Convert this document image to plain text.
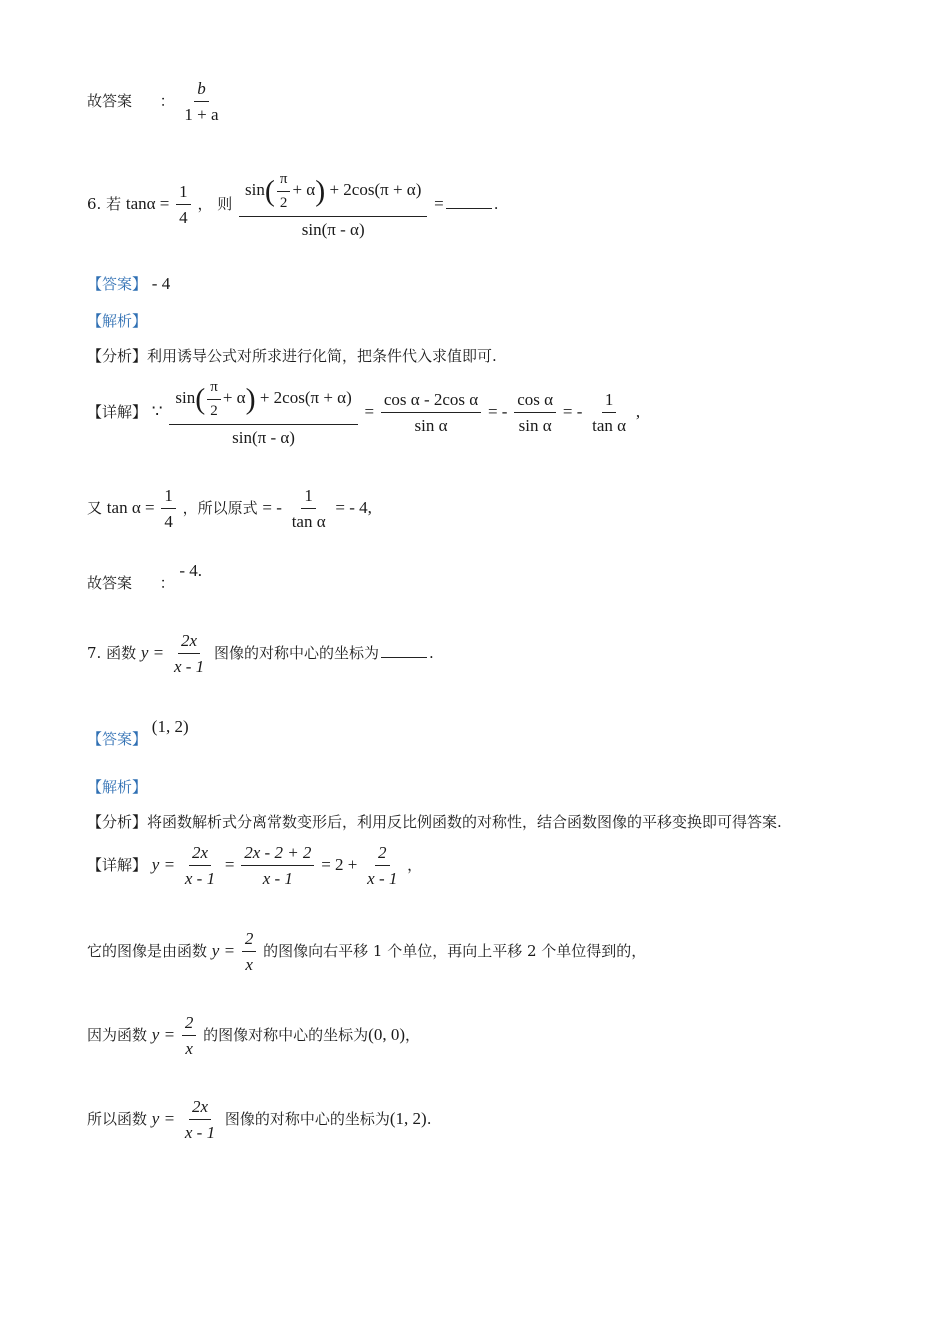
故答案 ： $\frac{b}{1 + a}$
6. 若 $\tan\alpha = \frac{1}{4}$ ， 则 $\frac{\sin( \frac{\pi}{2} + \alpha) + 2\cos(\pi + \alpha)}{\sin(\pi - \alpha)}$ =	.
【答案】 - 4
【解析】
【分析】利用诱导公式对所求进行化简，把条件代入求值即可.
【详解】 ∵ $\frac{\sin( \frac{\pi}{2} + \alpha) + 2\cos(\pi + \alpha)}{\sin(\pi - \alpha)} = \frac{\text{cos α - 2cos α}}{\text{sin α}}$ = - $\frac{\text{cos α}}{\text{sin α}}$ = - $\frac{1}{\text{tan α}}$ ,
又 $\tan \alpha = \frac{1}{4}$ ，所以原式 = - $\frac{1}{\text{tan α}}$ = - 4,
故答案 ： - 4.
7. 函数 $y = \frac{2x}{x - 1}$ 图像的对称中心的坐标为	.
【答案】 (1, 2)
【解析】
【分析】将函数解析式分离常数变形后，利用反比例函数的对称性，结合函数图像的平移变换即可得答案.
【详解】 $y = \frac{2x}{x - 1} = \frac{2x - 2 + 2}{x - 1} = 2 + \frac{2}{x - 1}$ ，
它的图像是由函数 $y = \frac{2}{x}$ 的图像向右平移 1 个单位，再向上平移 2 个单位得到的，
因为函数 $y = \frac{2}{x}$ 的图像对称中心的坐标为(0, 0)，
所以函数 $y = \frac{2x}{x - 1}$ 图像的对称中心的坐标为(1, 2).
